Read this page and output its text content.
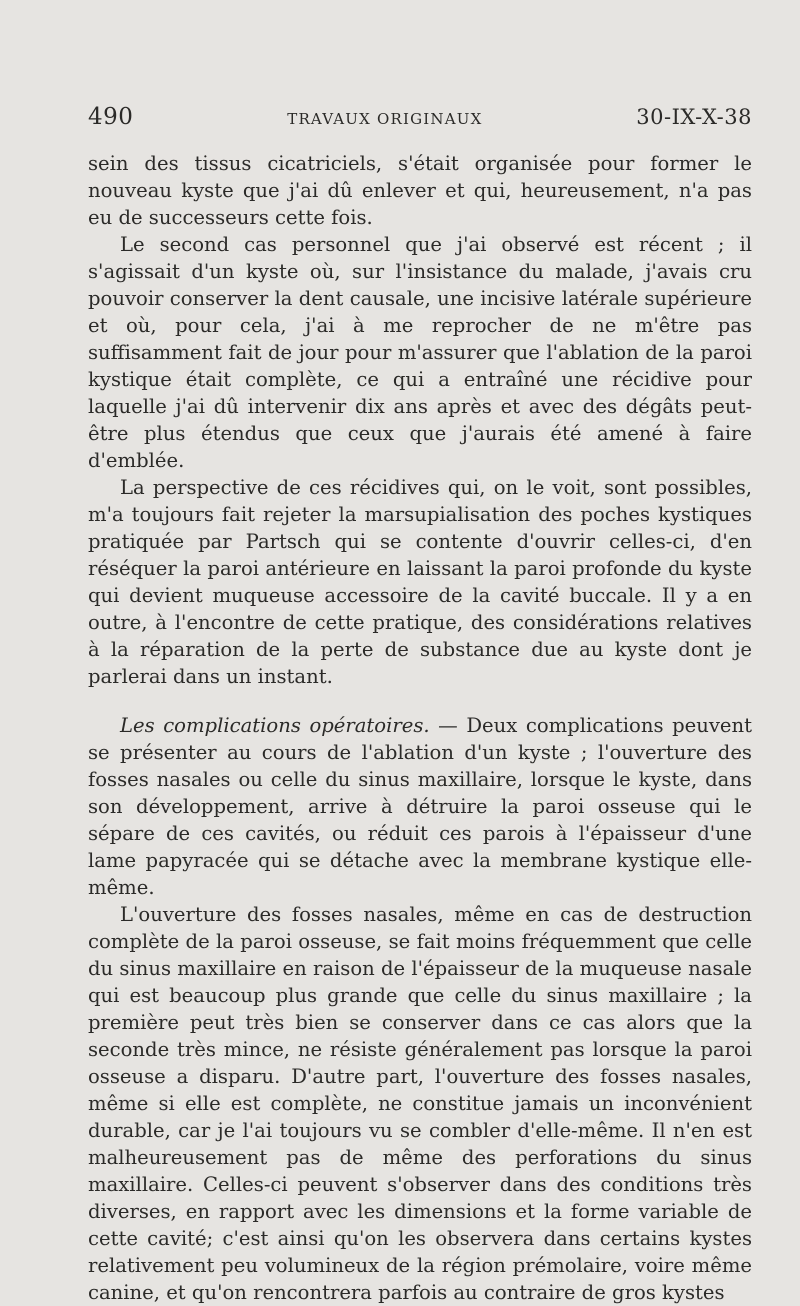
490	TRAVAUX ORIGINAUX	30-IX-X-38

sein des tissus cicatriciels, s'était organisée pour former le nouveau kyste que j'ai dû enlever et qui, heureusement, n'a pas eu de successeurs cette fois.

Le second cas personnel que j'ai observé est récent ; il s'agissait d'un kyste où, sur l'insistance du malade, j'avais cru pouvoir conserver la dent causale, une incisive latérale supérieure et où, pour cela, j'ai à me reprocher de ne m'être pas suffisamment fait de jour pour m'assurer que l'ablation de la paroi kystique était complète, ce qui a entraîné une récidive pour laquelle j'ai dû intervenir dix ans après et avec des dégâts peut-être plus étendus que ceux que j'aurais été amené à faire d'emblée.

La perspective de ces récidives qui, on le voit, sont possibles, m'a toujours fait rejeter la marsupialisation des poches kystiques pratiquée par Partsch qui se contente d'ouvrir celles-ci, d'en réséquer la paroi antérieure en laissant la paroi profonde du kyste qui devient muqueuse accessoire de la cavité buccale. Il y a en outre, à l'encontre de cette pratique, des considérations relatives à la réparation de la perte de substance due au kyste dont je parlerai dans un instant.

Les complications opératoires. — Deux complications peuvent se présenter au cours de l'ablation d'un kyste ; l'ouverture des fosses nasales ou celle du sinus maxillaire, lorsque le kyste, dans son développement, arrive à détruire la paroi osseuse qui le sépare de ces cavités, ou réduit ces parois à l'épaisseur d'une lame papyracée qui se détache avec la membrane kystique elle-même.

L'ouverture des fosses nasales, même en cas de destruction complète de la paroi osseuse, se fait moins fréquemment que celle du sinus maxillaire en raison de l'épaisseur de la muqueuse nasale qui est beaucoup plus grande que celle du sinus maxillaire ; la première peut très bien se conserver dans ce cas alors que la seconde très mince, ne résiste généralement pas lorsque la paroi osseuse a disparu. D'autre part, l'ouverture des fosses nasales, même si elle est complète, ne constitue jamais un inconvénient durable, car je l'ai toujours vu se combler d'elle-même. Il n'en est malheureusement pas de même des perforations du sinus maxillaire. Celles-ci peuvent s'observer dans des conditions très diverses, en rapport avec les dimensions et la forme variable de cette cavité; c'est ainsi qu'on les observera dans certains kystes relativement peu volumineux de la région prémolaire, voire même canine, et qu'on rencontrera parfois au contraire de gros kystes
